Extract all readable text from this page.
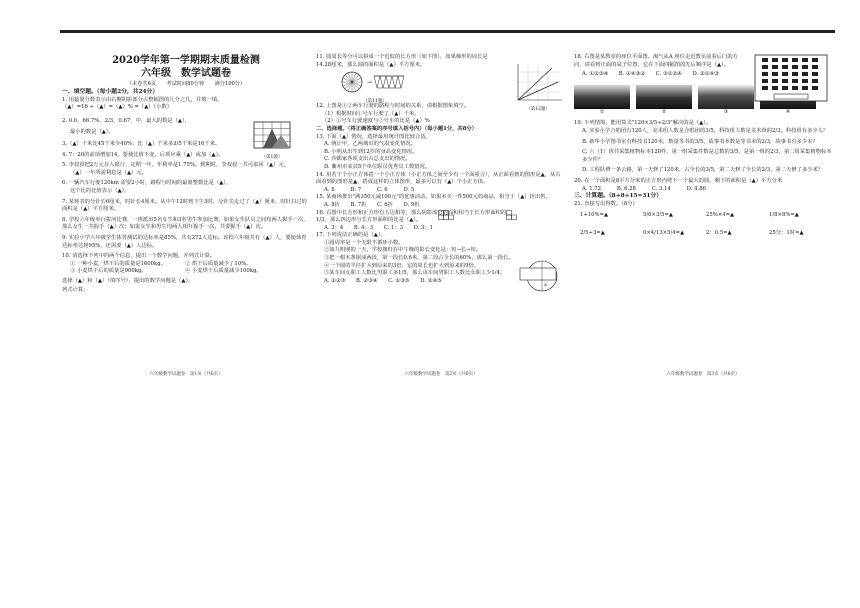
2020学年第一学期期末质量检测
六年级　数学试题卷
（本卷共6页　　考试时间80分钟　　满分100分）
一、填空题。（每小题2分，共24分）
1. 用最简分数表示由右侧阴影部分占整幅图的几分之几，并填一填。
（▲）=16 ÷（▲）=（▲）% =（▲）（小数）
2. 0.6，66.7%，2/3，0.67，中，最大的数是（▲），
最小的数是（▲）。
3.（▲）千米比45千米少40%；比（▲）千米多3/5千米是16千米。
4. 7：20的前项增加14，要使比值不变，后项应乘（▲）或加（▲）。
5. 李叔叔把2万元存入银行，定期一年，年利率是1.75%。到期时，李叔叔一共可取回（▲）元，
（▲）一年所需利息是（▲）元。
6. 一辆汽车行驶120km 需要2小时，路程与时间的最简整数比是（▲），
这个比的比值表示（▲）。
7. 某钟表的分针长6厘米，时针长4厘米。从中午12时到下午3时，分针尖走过了（▲）厘米，时针扫过的面积是（▲）平方厘米。
8. 学校六年级举行拔河比赛，一班派出5名女生和3名男生参加比赛。如果女生队员之间均两人握手一次，那么女生一共握手（▲）次；如果女生和男生均两人相互握手一次，共要握手（▲）次。
9. 实验小学六年级学生体育测试的达标率是85%，共有272人达标。该校六年级共有（▲）人，要使体育达标率达到95%，还需要（▲）人达标。
10. 请选择下列中的两个信息，提出一个数学问题，并列式计算。
① 一种小麦，烘干后的质量是1600kg。	② 烘干后质量减少了10%。
③ 小麦烘干后的质量是900kg。	④ 小麦烘干后质量减少100kg。
选择（▲）和（▲）（填序号），提出的数学问题是（▲）。
列式计算：
六年级数学试题卷　第1页（共6页）
（第1题）
11. 圆周长等分可以拼成一个近似的长方形（如下图），如果梯形的周长是14.28厘米，那么圆的面积是（▲）平方厘米。
12. 上图是①②两车行驶的路程与时间的关系，请根据图象填空。
（1）根据时间①号车行驶了（▲）千米。
（2）①号车行驶速度与②号车的比是（▲）%
二、选择题。（将正确答案的序号填入括号内）（每小题1分，共8分）
13. 下面（▲）情况，选择最用统计图比较合适。
A. 统计甲、乙两城市的气温变化情况。
B. 小明从出生到12岁的身高变化情况。
C. 沙都家各项支出占总支出的情况。
D. 衢州市某县5个单位职员优秀员工数情况。
14. 用若干个小正方体搭一个小正方体（小正方体之间至少有一个面重合），从正面看到的图形是▲，从右面看到的图形是▲，搭成这样的立体图形，最多可以有（▲）个小正方体。
A. 8　　　B. 7　　　C. 6　　　D. 5
15. 某商场推出"满350元减100元"的优惠活动。如果本买一件500元的商品，相当于（▲）折出售。
A. 8折　　B. 7折　　C. 6折　　D. 9折
16. 右图中长方形和正方形有五边相等，那么阴影部分的面积相当于长方形面积的1/3，那么四边形与长方形面积的比是（▲）。
A. 3：4　　B. 4：3　　C. 1：3　　D. 3：1
17. 下列说法正确的是（▲）。
①圆周率是一个无限不循环小数。
②如九明刚的一天，学校旗杆在中午晚的影长变化是：短→长→短。
③把一根木条锯成两段，第一段长0.6米，第二段占全长的60%，那么第一段长。
④一个圆的半径扩大到原来的3倍，它的周长也扩大到原来的9倍。
⑤某车间女职工人数比男职工多1/5，那么该车间男职工人数比女职工少1/4。
A. ①②③　　B. ②③④　　C. ①③⑤　　D. ②④⑤
六年级数学试题卷　第2页（共6页）
→
（第11题）
（第12题）
A
18. 右图是某教室的座位平面图。淘气从A 座位走近教室前看后门的方向，请看到正面的桌子位置，它在下面四幅图的先后顺序是（▲）。
A. ①②③④　　B. ①④③②　　C. ③①②④　　D. ②①④③
①	②	③	④
19. 下列情境，能用算式"120×3/5÷2/3"解决的是（▲）。
A. 实验小学合唱团有120人，美术组人数是合唱团的3/5，科技组人数是美术组的2/3，科技组有多少人？
B. 新华小学图书室有科技书120本，数量等书的3/5，故事书本数是等书本的2/3，故事书有多少本？
C. 六（1）班共采集植物标本120件，第一组采集件数是总数的3/5，是第一组的2/3，第二组采集植物标本多少件？
D. 工程队修一条公路，第一天修了120米，占全长的3/5，第二天修了全长的2/3，第二天修了多少米？
20. 在一个面积是8平方分米的正方形内剪下一个最大的圆，剩下的面积是（▲）平方分米
A. 1.72　　　B. 6.28　　　C. 3.14　　　D. 4.86
三、计算题。（8+8+15=31分）
21. 直接写出得数。（8分）
1+10%=▲	5/6×3/5=▲	25%×4=▲	1/8×8%=▲
2/5÷3=▲	0×4/13×5/4=▲	2：0.5=▲	25分：1时=▲
六年级数学试题卷　第3页（共6页）
